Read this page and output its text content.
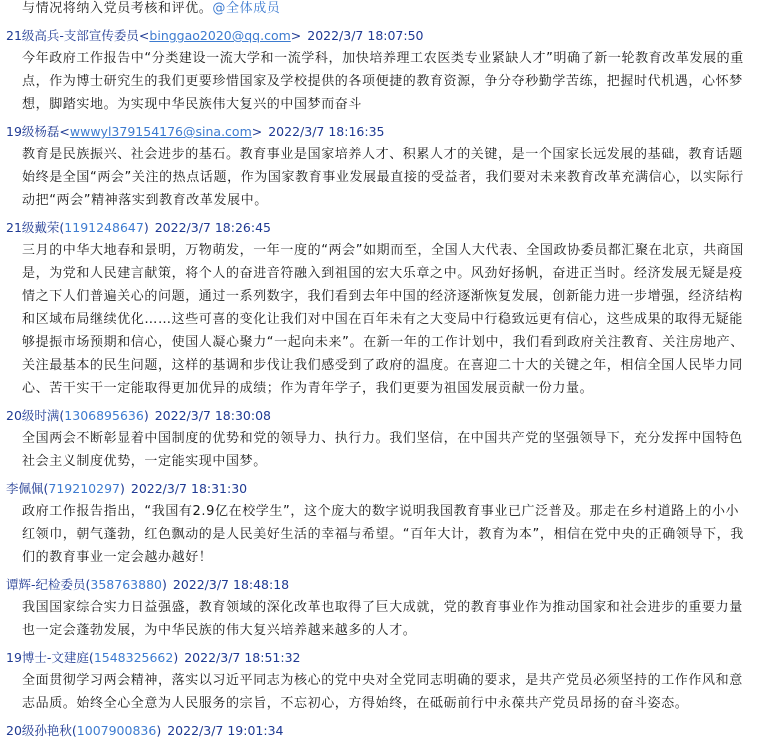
与情况将纳入党员考核和评优。@全体成员

21级高兵-支部宣传委员<binggao2020@qq.com> 2022/3/7 18:07:50

今年政府工作报告中“分类建设一流大学和一流学科，加快培养理工农医类专业紧缺人才”明确了新一轮教育改革发展的重点，作为博士研究生的我们更要珍惜国家及学校提供的各项便捷的教育资源，争分夺秒勤学苦练，把握时代机遇，心怀梦想，脚踏实地。为实现中华民族伟大复兴的中国梦而奋斗

19级杨磊<wwwyl379154176@sina.com> 2022/3/7 18:16:35

教育是民族振兴、社会进步的基石。教育事业是国家培养人才、积累人才的关键，是一个国家长远发展的基础，教育话题始终是全国“两会”关注的热点话题，作为国家教育事业发展最直接的受益者，我们要对未来教育改革充满信心，以实际行动把“两会”精神落实到教育改革发展中。

21级戴荣(1191248647) 2022/3/7 18:26:45

三月的中华大地春和景明，万物萌发，一年一度的“两会”如期而至，全国人大代表、全国政协委员都汇聚在北京，共商国是，为党和人民建言献策，将个人的奋进音符融入到祖国的宏大乐章之中。风劲好扬帆，奋进正当时。经济发展无疑是疫情之下人们普遍关心的问题，通过一系列数字，我们看到去年中国的经济逐渐恢复发展，创新能力进一步增强，经济结构和区域布局继续优化……这些可喜的变化让我们对中国在百年未有之大变局中行稳致远更有信心，这些成果的取得无疑能够提振市场预期和信心，使国人凝心聚力“一起向未来”。在新一年的工作计划中，我们看到政府关注教育、关注房地产、关注最基本的民生问题，这样的基调和步伐让我们感受到了政府的温度。在喜迎二十大的关键之年，相信全国人民毕力同心、苦干实干一定能取得更加优异的成绩；作为青年学子，我们更要为祖国发展贡献一份力量。

20级时满(1306895636) 2022/3/7 18:30:08

全国两会不断彰显着中国制度的优势和党的领导力、执行力。我们坚信，在中国共产党的坚强领导下，充分发挥中国特色社会主义制度优势，一定能实现中国梦。

李佩佩(719210297) 2022/3/7 18:31:30

政府工作报告指出，“我国有2.9亿在校学生”，这个庞大的数字说明我国教育事业已广泛普及。那走在乡村道路上的小小红领巾，朝气蓬勃，红色飘动的是人民美好生活的幸福与希望。“百年大计，教育为本”，相信在党中央的正确领导下，我们的教育事业一定会越办越好！

谭辉-纪检委员(358763880) 2022/3/7 18:48:18

我国国家综合实力日益强盛，教育领域的深化改革也取得了巨大成就，党的教育事业作为推动国家和社会进步的重要力量也一定会蓬勃发展，为中华民族的伟大复兴培养越来越多的人才。

19博士-文建庭(1548325662) 2022/3/7 18:51:32

全面贯彻学习两会精神，落实以习近平同志为核心的党中央对全党同志明确的要求，是共产党员必须坚持的工作作风和意志品质。始终全心全意为人民服务的宗旨，不忘初心，方得始终，在砥砺前行中永葆共产党员昂扬的奋斗姿态。

20级孙艳秋(1007900836) 2022/3/7 19:01:34
